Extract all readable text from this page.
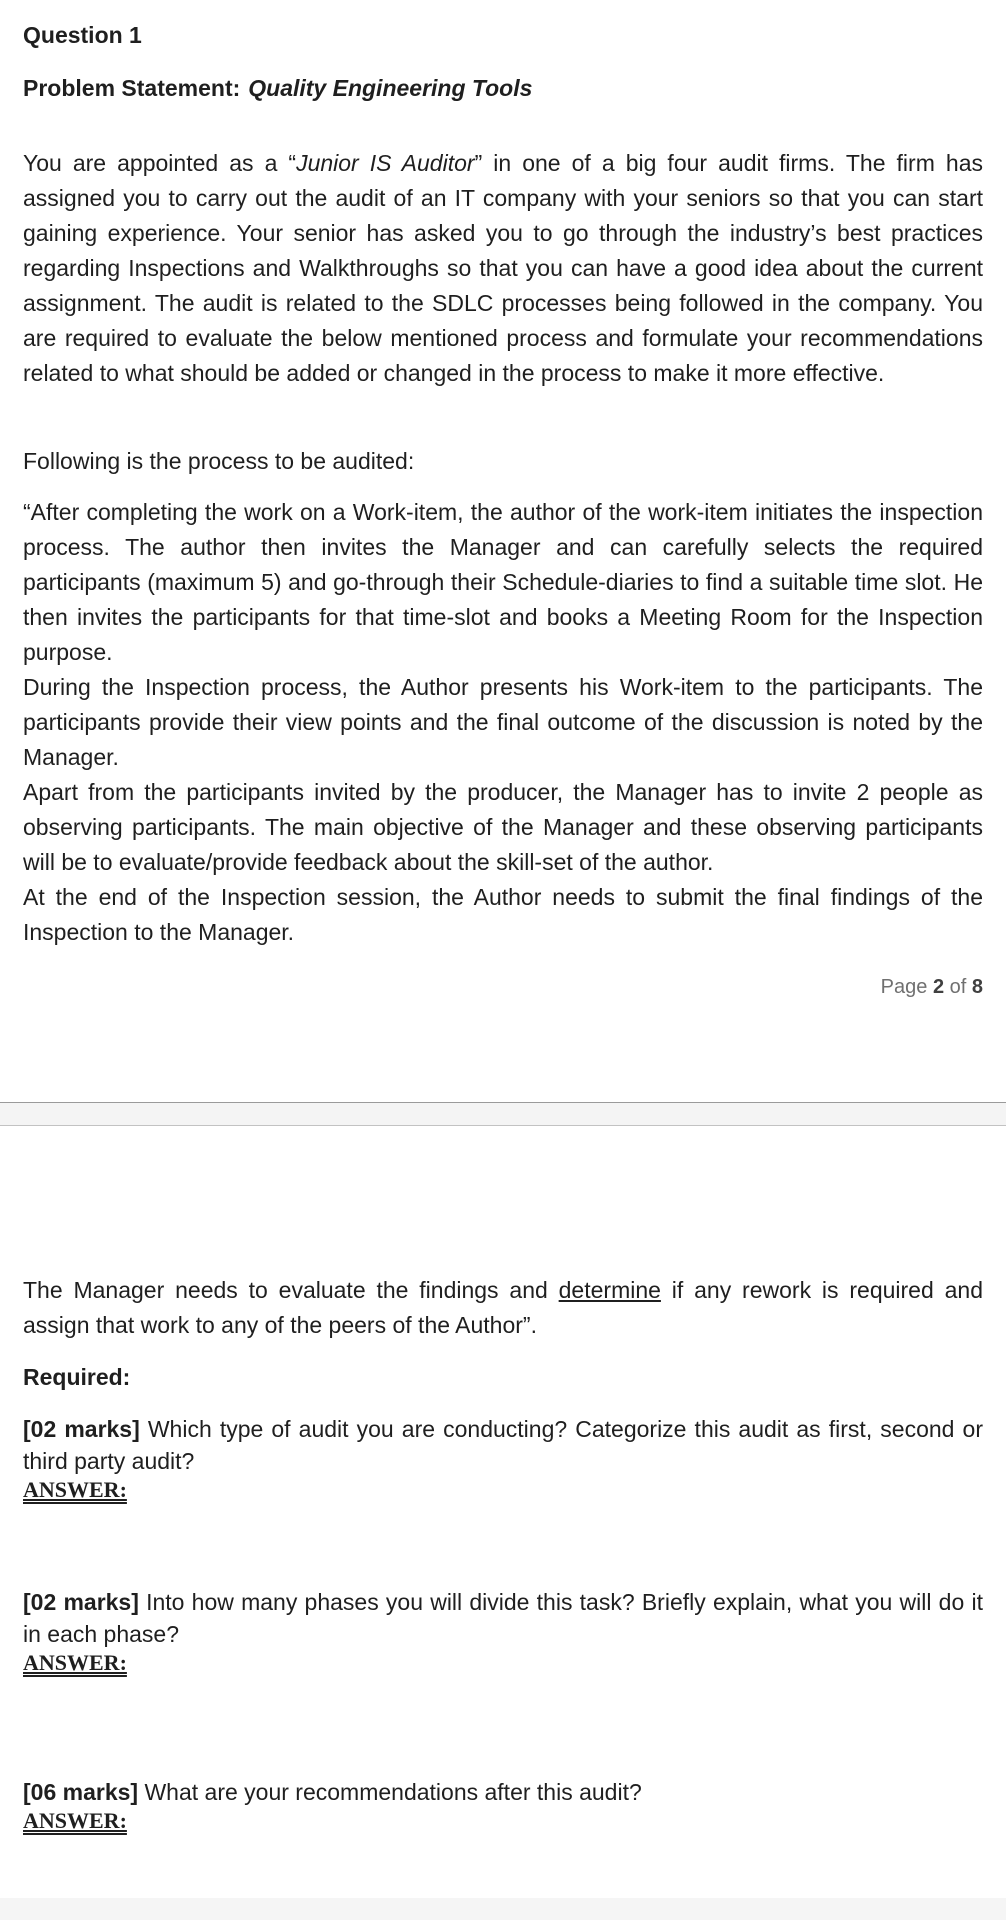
Question 1

Problem Statement: Quality Engineering Tools

You are appointed as a “Junior IS Auditor” in one of a big four audit firms. The firm has assigned you to carry out the audit of an IT company with your seniors so that you can start gaining experience. Your senior has asked you to go through the industry’s best practices regarding Inspections and Walkthroughs so that you can have a good idea about the current assignment. The audit is related to the SDLC processes being followed in the company. You are required to evaluate the below mentioned process and formulate your recommendations related to what should be added or changed in the process to make it more effective.

Following is the process to be audited:

“After completing the work on a Work-item, the author of the work-item initiates the inspection process. The author then invites the Manager and can carefully selects the required participants (maximum 5) and go-through their Schedule-diaries to find a suitable time slot. He then invites the participants for that time-slot and books a Meeting Room for the Inspection purpose.

During the Inspection process, the Author presents his Work-item to the participants. The participants provide their view points and the final outcome of the discussion is noted by the Manager.

Apart from the participants invited by the producer, the Manager has to invite 2 people as observing participants. The main objective of the Manager and these observing participants will be to evaluate/provide feedback about the skill-set of the author.

At the end of the Inspection session, the Author needs to submit the final findings of the Inspection to the Manager.

Page 2 of 8

The Manager needs to evaluate the findings and determine if any rework is required and assign that work to any of the peers of the Author”.

Required:

[02 marks] Which type of audit you are conducting? Categorize this audit as first, second or third party audit?

ANSWER:

[02 marks] Into how many phases you will divide this task? Briefly explain, what you will do it in each phase?

ANSWER:

[06 marks] What are your recommendations after this audit?

ANSWER:
